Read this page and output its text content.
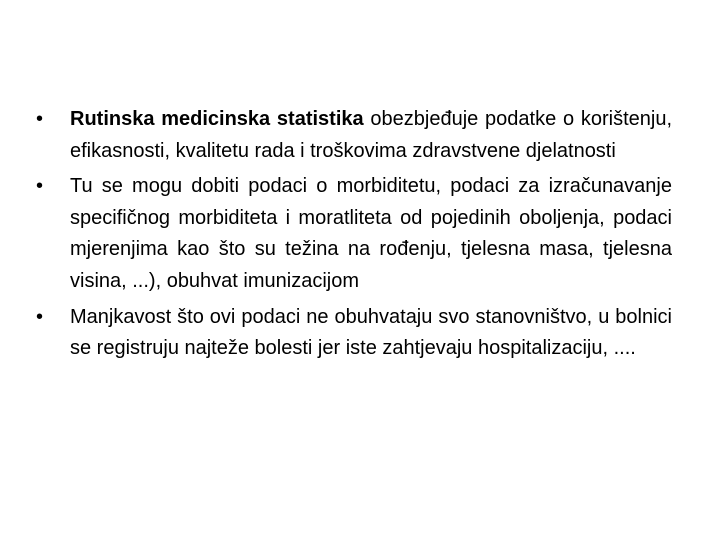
•	Rutinska medicinska statistika obezbjeđuje podatke o korištenju, efikasnosti, kvalitetu rada i troškovima zdravstvene djelatnosti
•	Tu se mogu dobiti podaci o morbiditetu, podaci za izračunavanje specifičnog morbiditeta i moratliteta od pojedinih oboljenja, podaci mjerenjima kao što su težina na rođenju, tjelesna masa, tjelesna visina, ...), obuhvat imunizacijom
•	Manjkavost što ovi podaci ne obuhvataju svo stanovništvo, u bolnici se registruju najteže bolesti jer iste zahtjevaju hospitalizaciju, ....
